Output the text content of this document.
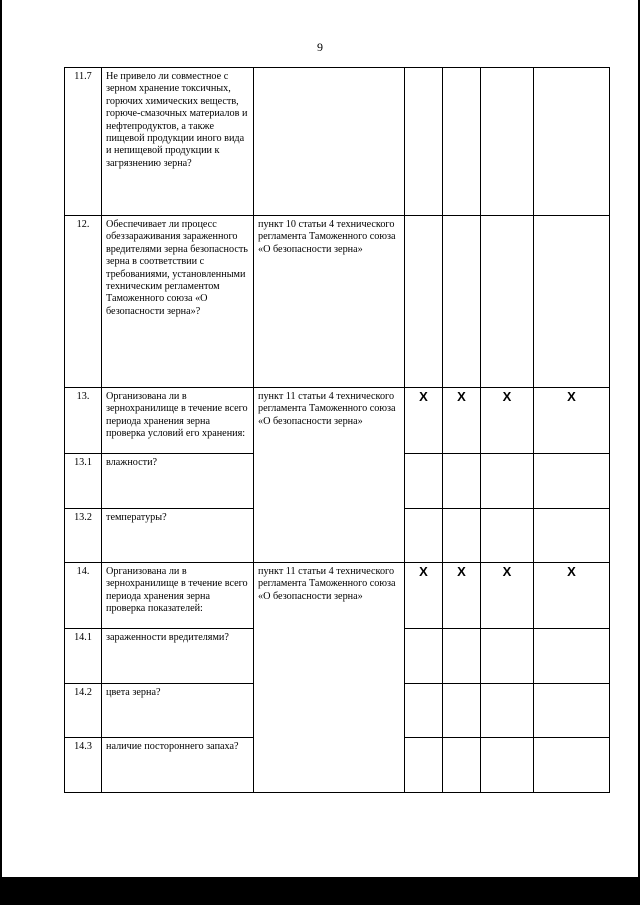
9
11.7	Не привело ли совместное с зерном хранение токсичных, горючих химических веществ, горюче-смазочных материалов и нефтепродуктов, а также пищевой продукции иного вида и непищевой продукции к загрязнению зерна?					
12.	Обеспечивает ли процесс обеззараживания зараженного вредителями зерна безопасность зерна в соответствии с требованиями, установленными техническим регламентом Таможенного союза «О безопасности зерна»?	пункт 10 статьи 4 технического регламента Таможенного союза «О безопасности зерна»				
13.	Организована ли в зернохранилище в течение всего периода хранения зерна проверка условий его хранения:	пункт 11 статьи 4 технического регламента Таможенного союза «О безопасности зерна»	X	X	X	X
13.1	влажности?					
13.2	температуры?					
14.	Организована ли в зернохранилище в течение всего периода хранения зерна проверка показателей:	пункт 11 статьи 4 технического регламента Таможенного союза «О безопасности зерна»	X	X	X	X
14.1	зараженности вредителями?					
14.2	цвета зерна?					
14.3	наличие постороннего запаха?					
